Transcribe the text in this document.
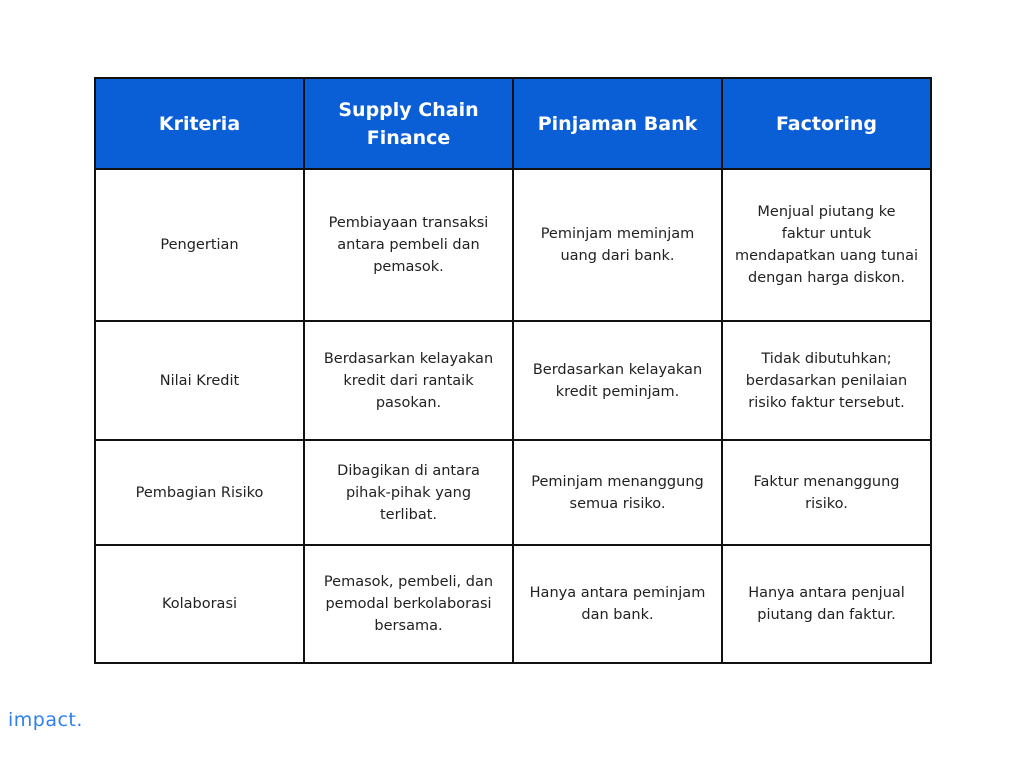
Kriteria	Supply Chain Finance	Pinjaman Bank	Factoring
Pengertian	Pembiayaan transaksi antara pembeli dan pemasok.	Peminjam meminjam uang dari bank.	Menjual piutang ke faktur untuk mendapatkan uang tunai dengan harga diskon.
Nilai Kredit	Berdasarkan kelayakan kredit dari rantaik pasokan.	Berdasarkan kelayakan kredit peminjam.	Tidak dibutuhkan; berdasarkan penilaian risiko faktur tersebut.
Pembagian Risiko	Dibagikan di antara pihak-pihak yang terlibat.	Peminjam menanggung semua risiko.	Faktur menanggung risiko.
Kolaborasi	Pemasok, pembeli, dan pemodal berkolaborasi bersama.	Hanya antara peminjam dan bank.	Hanya antara penjual piutang dan faktur.
impact.
